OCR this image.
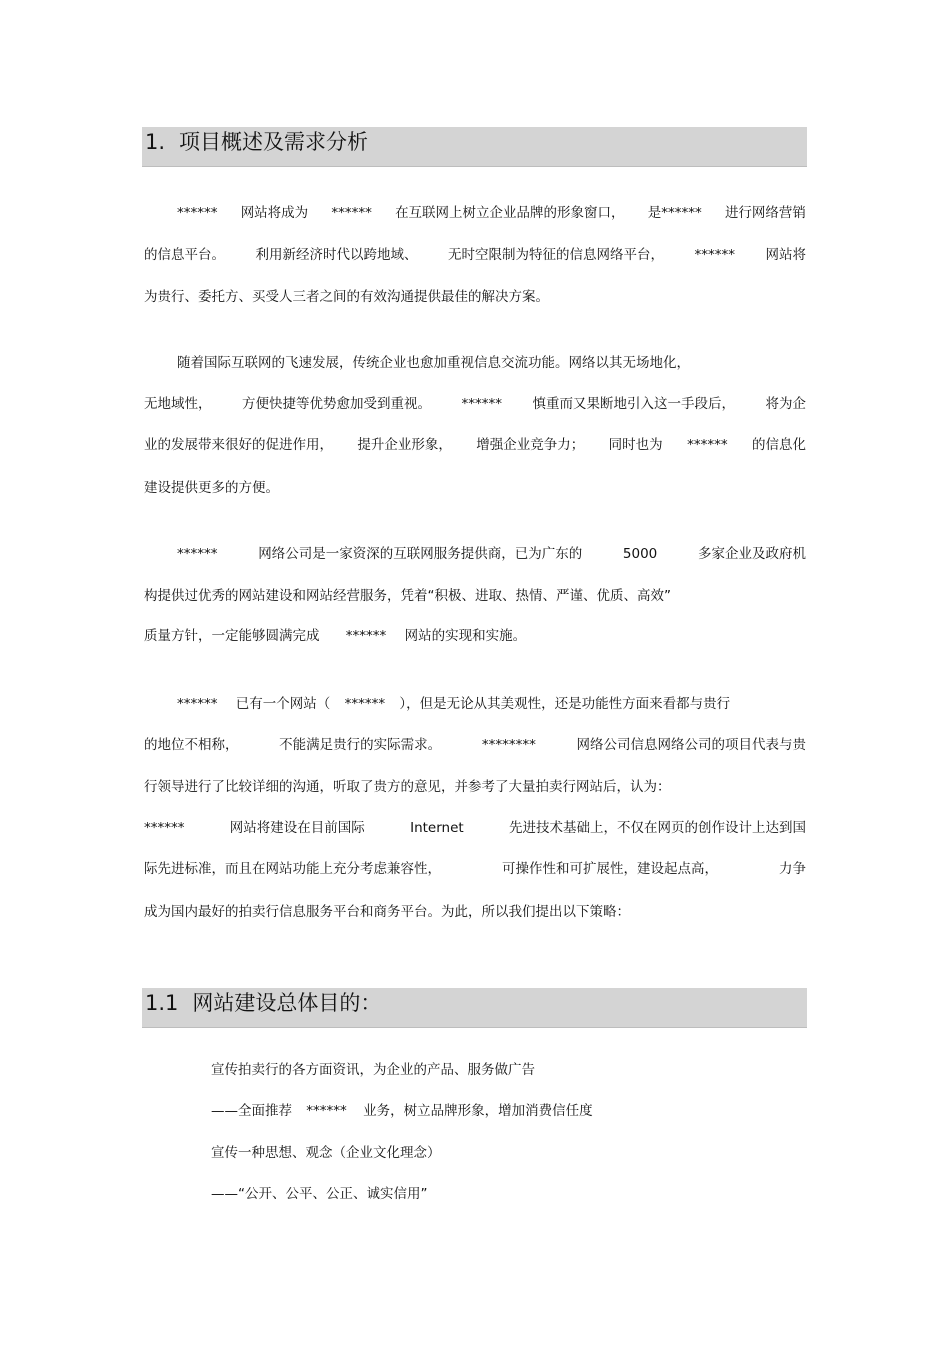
1. 项目概述及需求分析
****** 网站将成为 ****** 在互联网上树立企业品牌的形象窗口， 是****** 进行网络营销
的信息平台。 利用新经济时代以跨地域、 无时空限制为特征的信息网络平台， ****** 网站将
为贵行、委托方、买受人三者之间的有效沟通提供最佳的解决方案。
随着国际互联网的飞速发展，传统企业也愈加重视信息交流功能。网络以其无场地化，
无地域性， 方便快捷等优势愈加受到重视。 ****** 慎重而又果断地引入这一手段后， 将为企
业的发展带来很好的促进作用， 提升企业形象， 增强企业竞争力； 同时也为 ****** 的信息化
建设提供更多的方便。
******	网络公司是一家资深的互联网服务提供商，已为广东的	5000	多家企业及政府机
构提供过优秀的网站建设和网站经营服务，凭着“积极、进取、热情、严谨、优质、高效”
质量方针，一定能够圆满完成 ****** 网站的实现和实施。
****** 已有一个网站（ ****** ），但是无论从其美观性，还是功能性方面来看都与贵行
的地位不相称，	不能满足贵行的实际需求。	********	网络公司信息网络公司的项目代表与贵
行领导进行了比较详细的沟通，听取了贵方的意见，并参考了大量拍卖行网站后，认为：
******	网站将建设在目前国际	Internet	先进技术基础上，不仅在网页的创作设计上达到国
际先进标准，而且在网站功能上充分考虑兼容性，	可操作性和可扩展性，建设起点高，	力争
成为国内最好的拍卖行信息服务平台和商务平台。为此，所以我们提出以下策略：
1.1 网站建设总体目的：
宣传拍卖行的各方面资讯，为企业的产品、服务做广告
——全面推荐 ****** 业务，树立品牌形象，增加消费信任度
宣传一种思想、观念（企业文化理念）
——“公开、公平、公正、诚实信用”
